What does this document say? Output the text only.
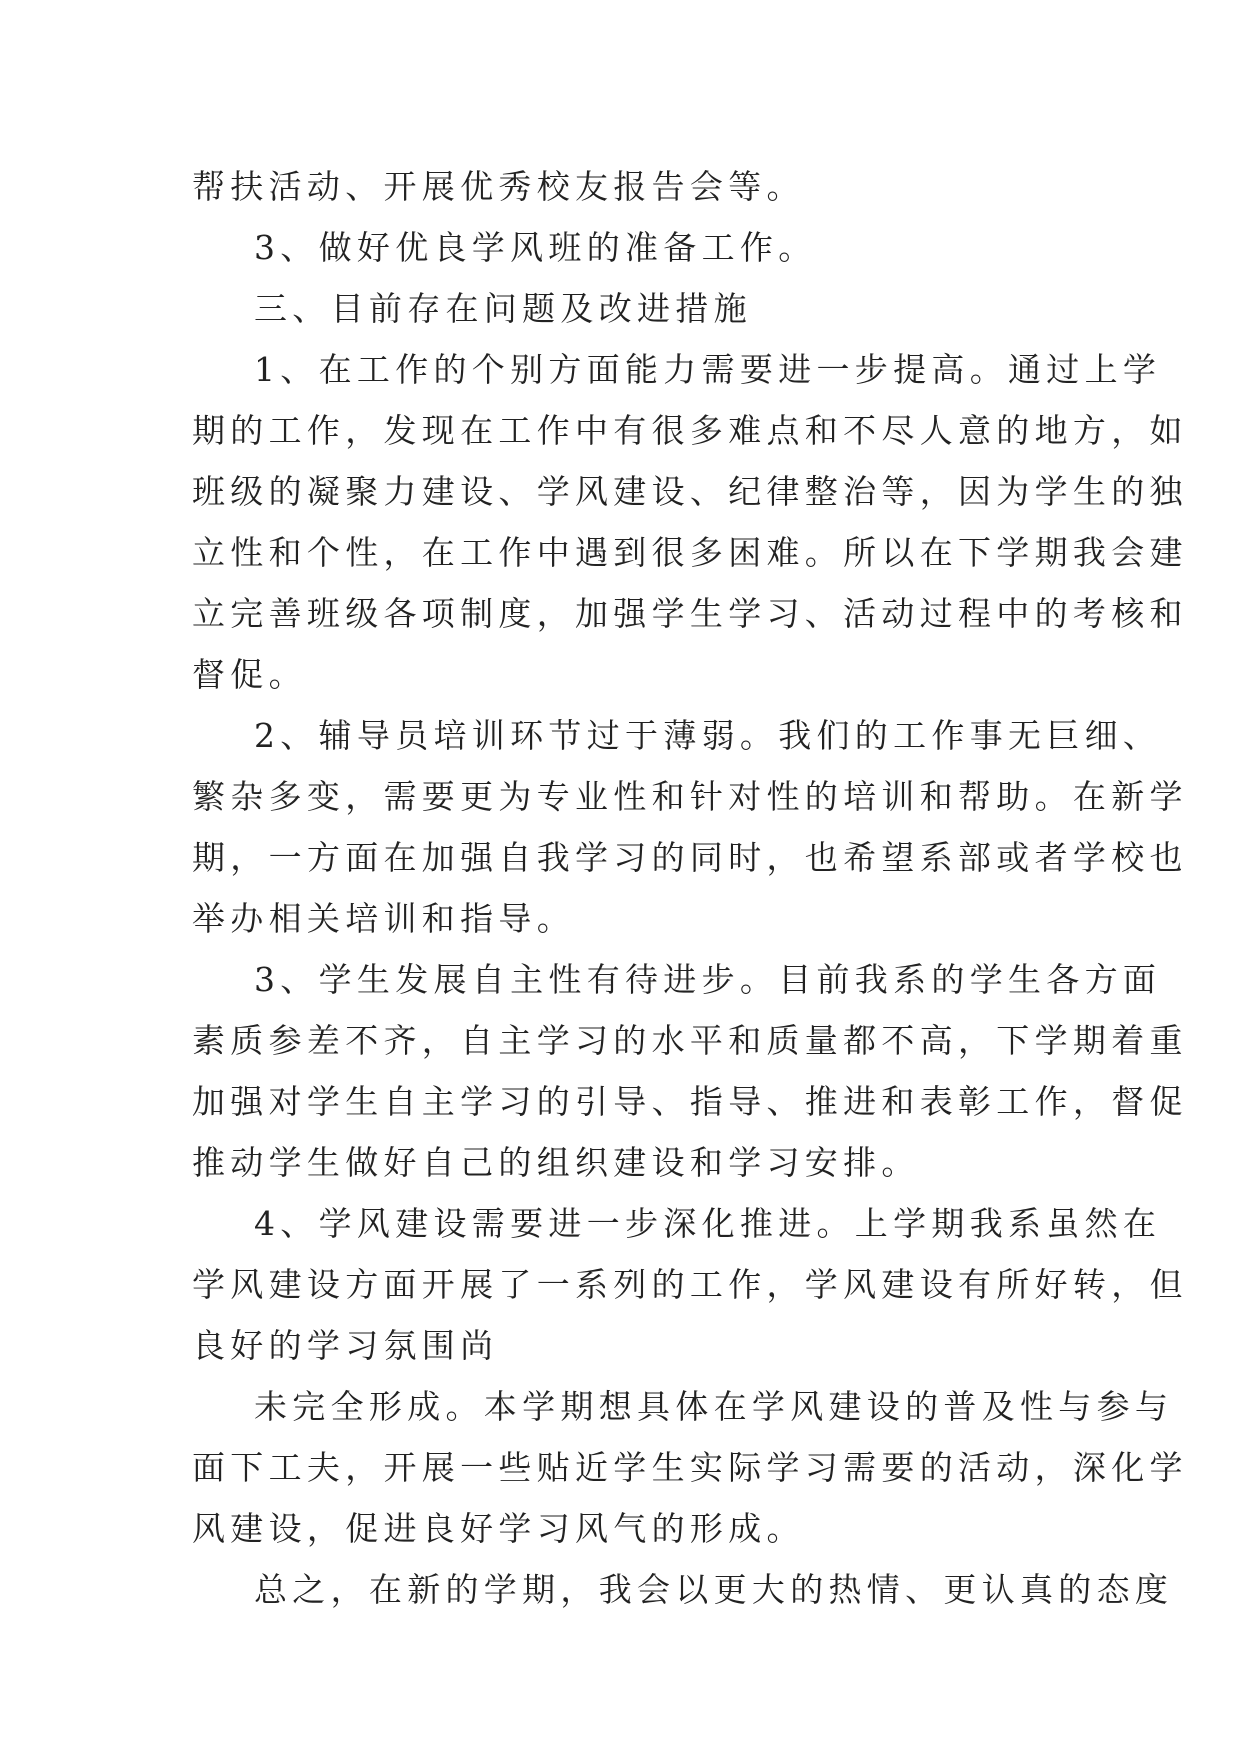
帮扶活动、开展优秀校友报告会等。
3、做好优良学风班的准备工作。
三、目前存在问题及改进措施
1、在工作的个别方面能力需要进一步提高。通过上学
期的工作，发现在工作中有很多难点和不尽人意的地方，如
班级的凝聚力建设、学风建设、纪律整治等，因为学生的独
立性和个性，在工作中遇到很多困难。所以在下学期我会建
立完善班级各项制度，加强学生学习、活动过程中的考核和
督促。
2、辅导员培训环节过于薄弱。我们的工作事无巨细、
繁杂多变，需要更为专业性和针对性的培训和帮助。在新学
期，一方面在加强自我学习的同时，也希望系部或者学校也
举办相关培训和指导。
3、学生发展自主性有待进步。目前我系的学生各方面
素质参差不齐，自主学习的水平和质量都不高，下学期着重
加强对学生自主学习的引导、指导、推进和表彰工作，督促
推动学生做好自己的组织建设和学习安排。
4、学风建设需要进一步深化推进。上学期我系虽然在
学风建设方面开展了一系列的工作，学风建设有所好转，但
良好的学习氛围尚
未完全形成。本学期想具体在学风建设的普及性与参与
面下工夫，开展一些贴近学生实际学习需要的活动，深化学
风建设，促进良好学习风气的形成。
总之，在新的学期，我会以更大的热情、更认真的态度
